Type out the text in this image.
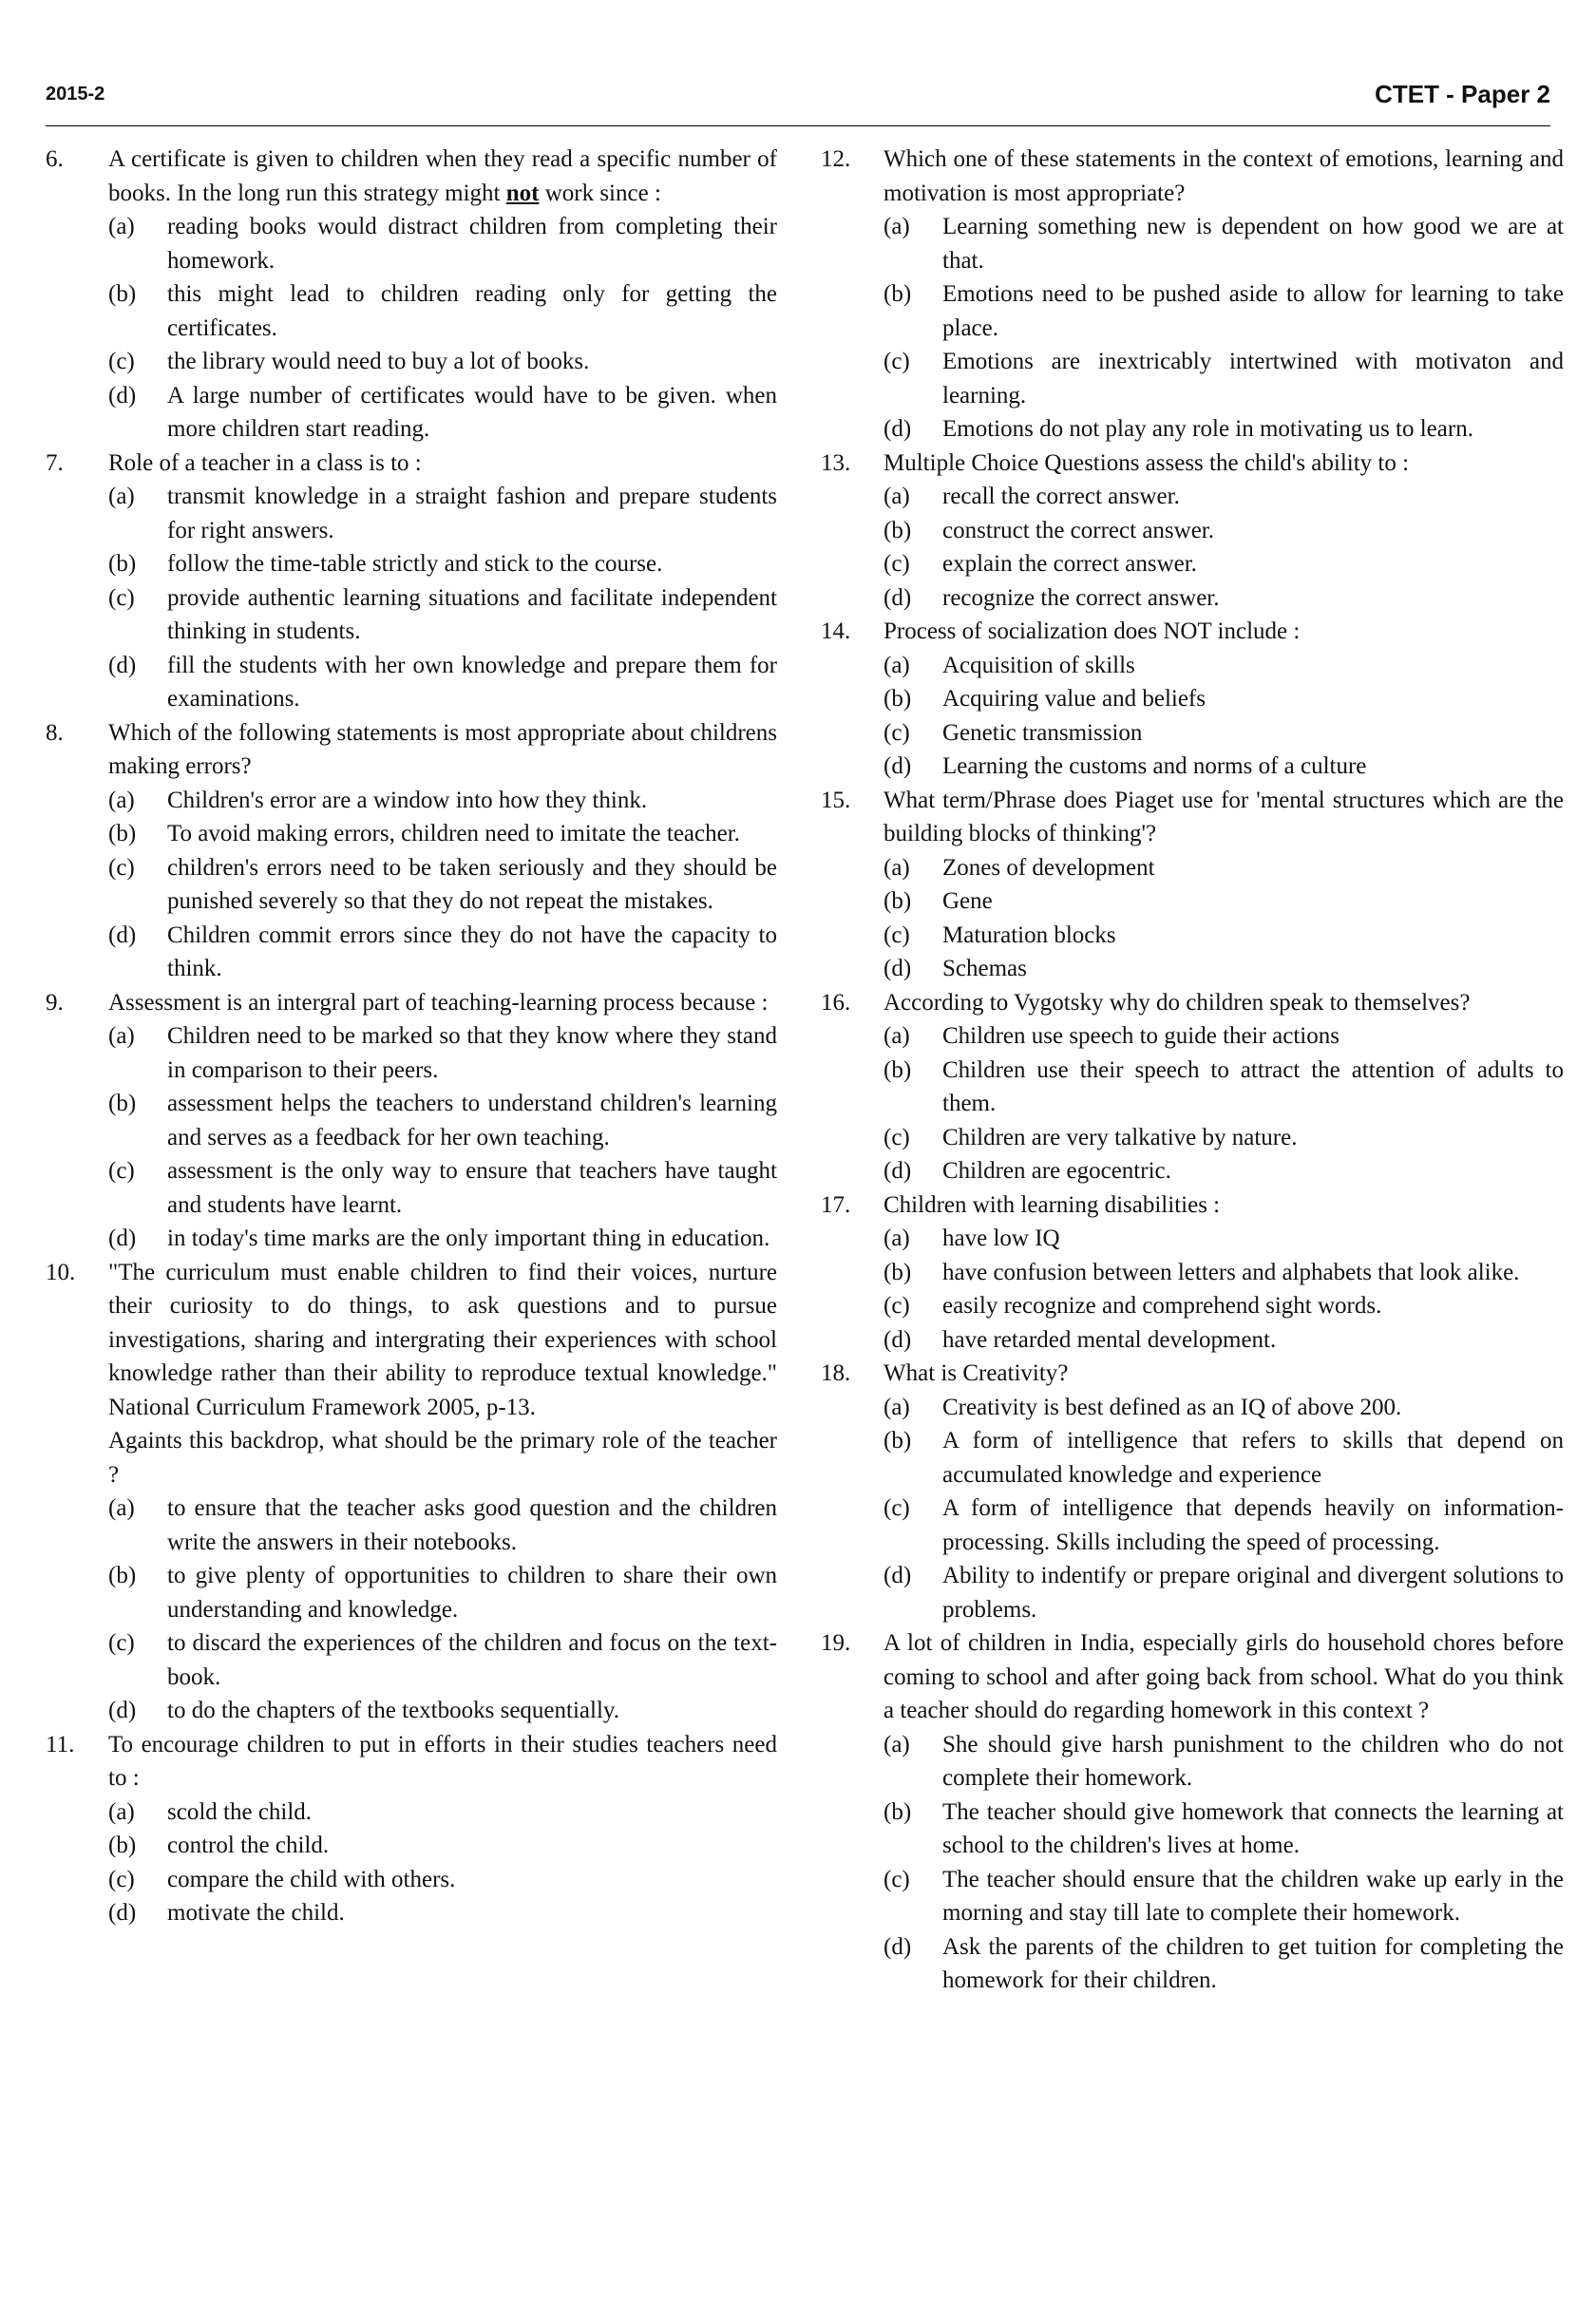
2015-2	CTET - Paper 2
6.	A certificate is given to children when they read a specific number of books. In the long run this strategy might not work since :
(a)	reading books would distract children from completing their homework.
(b)	this might lead to children reading only for getting the certificates.
(c)	the library would need to buy a lot of books.
(d)	A large number of certificates would have to be given. when more children start reading.
7.	Role of a teacher in a class is to :
(a)	transmit knowledge in a straight fashion and prepare students for right answers.
(b)	follow the time-table strictly and stick to the course.
(c)	provide authentic learning situations and facilitate independent thinking in students.
(d)	fill the students with her own knowledge and prepare them for examinations.
8.	Which of the following statements is most appropriate about childrens making errors?
(a)	Children's error are a window into how they think.
(b)	To avoid making errors, children need to imitate the teacher.
(c)	children's errors need to be taken seriously and they should be punished severely so that they do not repeat the mistakes.
(d)	Children commit errors since they do not have the capacity to think.
9.	Assessment is an intergral part of teaching-learning process because :
(a)	Children need to be marked so that they know where they stand in comparison to their peers.
(b)	assessment helps the teachers to understand children's learning and serves as a feedback for her own teaching.
(c)	assessment is the only way to ensure that teachers have taught and students have learnt.
(d)	in today's time marks are the only important thing in education.
10.	"The curriculum must enable children to find their voices, nurture their curiosity to do things, to ask questions and to pursue investigations, sharing and intergrating their experiences with school knowledge rather than their ability to reproduce textual knowledge." National Curriculum Framework 2005, p-13.
Againts this backdrop, what should be the primary role of the teacher ?
(a)	to ensure that the teacher asks good question and the children write the answers in their notebooks.
(b)	to give plenty of opportunities to children to share their own understanding and knowledge.
(c)	to discard the experiences of the children and focus on the text-book.
(d)	to do the chapters of the textbooks sequentially.
11.	To encourage children to put in efforts in their studies teachers need to :
(a)	scold the child.
(b)	control the child.
(c)	compare the child with others.
(d)	motivate the child.
12.	Which one of these statements in the context of emotions, learning and motivation is most appropriate?
(a)	Learning something new is dependent on how good we are at that.
(b)	Emotions need to be pushed aside to allow for learning to take place.
(c)	Emotions are inextricably intertwined with motivaton and learning.
(d)	Emotions do not play any role in motivating us to learn.
13.	Multiple Choice Questions assess the child's ability to :
(a)	recall the correct answer.
(b)	construct the correct answer.
(c)	explain the correct answer.
(d)	recognize the correct answer.
14.	Process of socialization does NOT include :
(a)	Acquisition of skills
(b)	Acquiring value and beliefs
(c)	Genetic transmission
(d)	Learning the customs and norms of a culture
15.	What term/Phrase does Piaget use for 'mental structures which are the building blocks of thinking'?
(a)	Zones of development
(b)	Gene
(c)	Maturation blocks
(d)	Schemas
16.	According to Vygotsky why do children speak to themselves?
(a)	Children use speech to guide their actions
(b)	Children use their speech to attract the attention of adults to them.
(c)	Children are very talkative by nature.
(d)	Children are egocentric.
17.	Children with learning disabilities :
(a)	have low IQ
(b)	have confusion between letters and alphabets that look alike.
(c)	easily recognize and comprehend sight words.
(d)	have retarded mental development.
18.	What is Creativity?
(a)	Creativity is best defined as an IQ of above 200.
(b)	A form of intelligence that refers to skills that depend on accumulated knowledge and experience
(c)	A form of intelligence that depends heavily on information-processing. Skills including the speed of processing.
(d)	Ability to indentify or prepare original and divergent solutions to problems.
19.	A lot of children in India, especially girls do household chores before coming to school and after going back from school. What do you think a teacher should do regarding homework in this context ?
(a)	She should give harsh punishment to the children who do not complete their homework.
(b)	The teacher should give homework that connects the learning at school to the children's lives at home.
(c)	The teacher should ensure that the children wake up early in the morning and stay till late to complete their homework.
(d)	Ask the parents of the children to get tuition for completing the homework for their children.
